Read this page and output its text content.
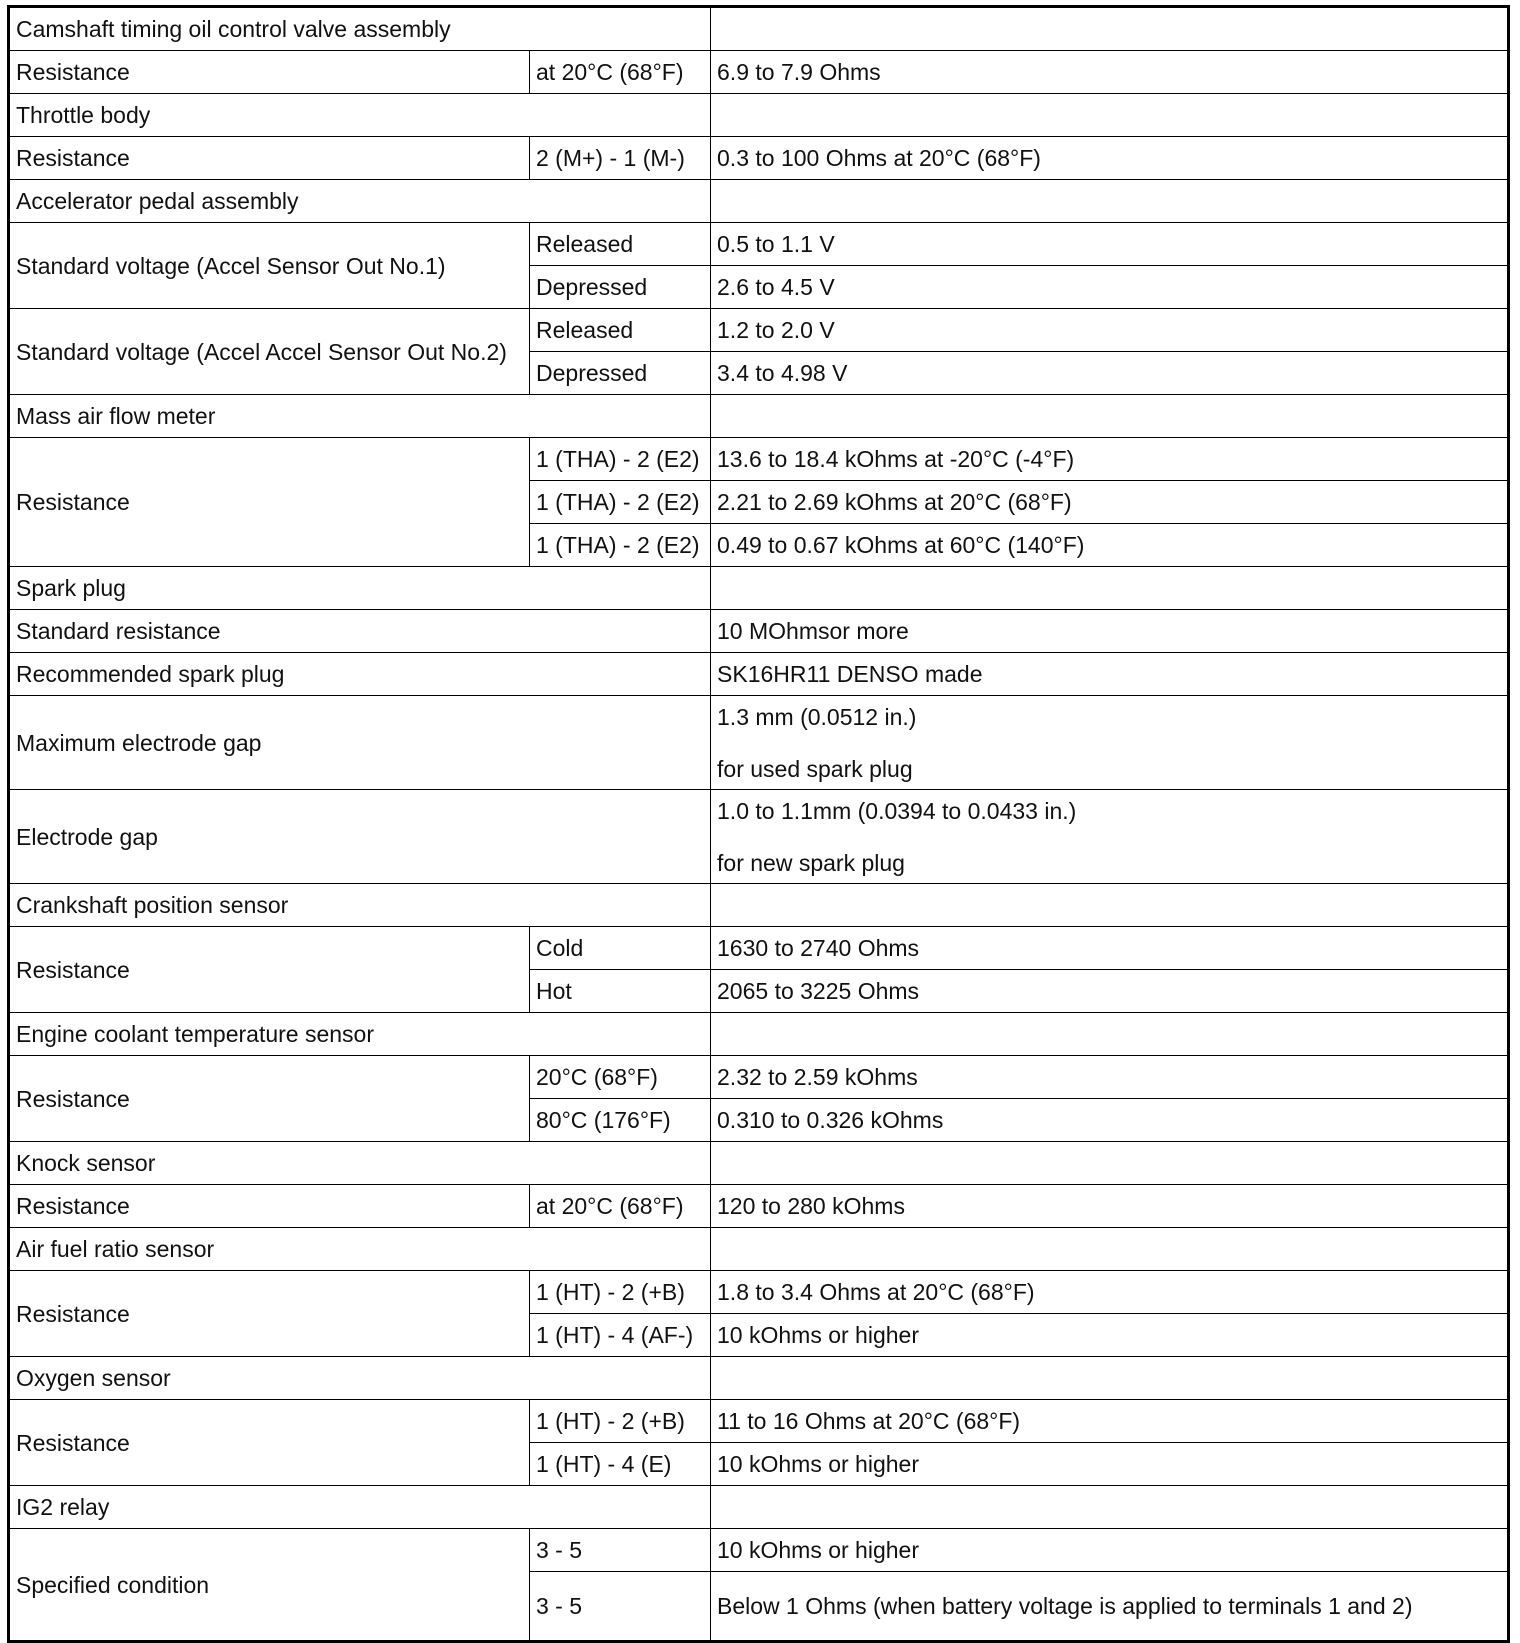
Camshaft timing oil control valve assembly		
Resistance	at 20°C (68°F)	6.9 to 7.9 Ohms
Throttle body		
Resistance	2 (M+) - 1 (M-)	0.3 to 100 Ohms at 20°C (68°F)
Accelerator pedal assembly		
Standard voltage (Accel Sensor Out No.1)	Released	0.5 to 1.1 V
	Depressed	2.6 to 4.5 V
Standard voltage (Accel Accel Sensor Out No.2)	Released	1.2 to 2.0 V
	Depressed	3.4 to 4.98 V
Mass air flow meter		
Resistance	1 (THA) - 2 (E2)	13.6 to 18.4 kOhms at -20°C (-4°F)
	1 (THA) - 2 (E2)	2.21 to 2.69 kOhms at 20°C (68°F)
	1 (THA) - 2 (E2)	0.49 to 0.67 kOhms at 60°C (140°F)
Spark plug		
Standard resistance		10 MOhmsor more
Recommended spark plug		SK16HR11 DENSO made
Maximum electrode gap		1.3 mm (0.0512 in.)

for used spark plug

Electrode gap		1.0 to 1.1mm (0.0394 to 0.0433 in.)

for new spark plug

Crankshaft position sensor		
Resistance	Cold	1630 to 2740 Ohms
	Hot	2065 to 3225 Ohms
Engine coolant temperature sensor		
Resistance	20°C (68°F)	2.32 to 2.59 kOhms
	80°C (176°F)	0.310 to 0.326 kOhms
Knock sensor		
Resistance	at 20°C (68°F)	120 to 280 kOhms
Air fuel ratio sensor		
Resistance	1 (HT) - 2 (+B)	1.8 to 3.4 Ohms at 20°C (68°F)
	1 (HT) - 4 (AF-)	10 kOhms or higher
Oxygen sensor		
Resistance	1 (HT) - 2 (+B)	11 to 16 Ohms at 20°C (68°F)
	1 (HT) - 4 (E)	10 kOhms or higher
IG2 relay		
Specified condition	3 - 5	10 kOhms or higher
	3 - 5	Below 1 Ohms (when battery voltage is applied to terminals 1 and 2)
